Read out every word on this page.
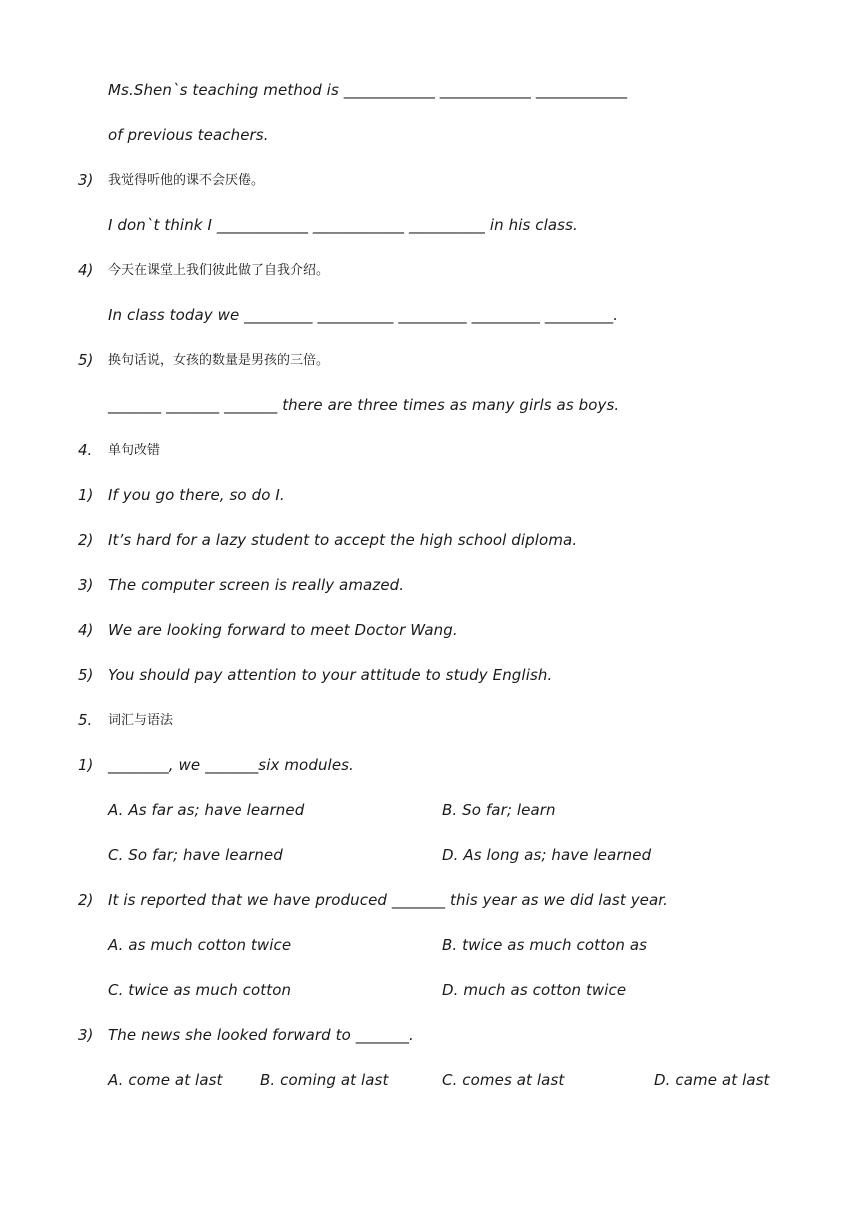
Ms.Shen`s teaching method is ____________ ____________ ____________
of previous teachers.
3) 我觉得听他的课不会厌倦。
I don`t think I ____________ ____________ __________ in his class.
4) 今天在课堂上我们彼此做了自我介绍。
In class today we _________ __________ _________ _________ _________.
5) 换句话说，女孩的数量是男孩的三倍。
_______ _______ _______ there are three times as many girls as boys.
4. 单句改错
1) If you go there, so do I.
2) It’s hard for a lazy student to accept the high school diploma.
3) The computer screen is really amazed.
4) We are looking forward to meet Doctor Wang.
5) You should pay attention to your attitude to study English.
5. 词汇与语法
1) ________, we _______six modules.
A. As far as; have learned	B. So far; learn
C. So far; have learned	D. As long as; have learned
2) It is reported that we have produced _______ this year as we did last year.
A. as much cotton twice	B. twice as much cotton as
C. twice as much cotton	D. much as cotton twice
3) The news she looked forward to _______.
A. come at last B. coming at last	C. comes at last	D. came at last
